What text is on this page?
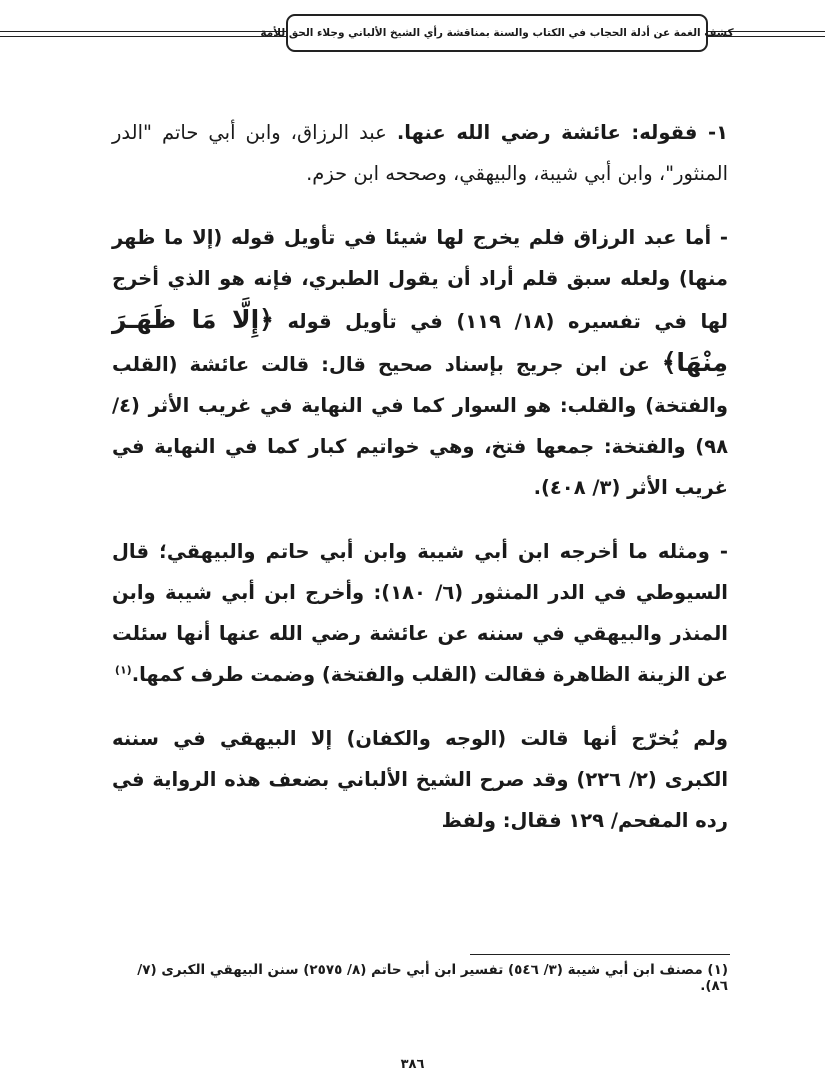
كشف الغمة عن أدلة الحجاب في الكتاب والسنة بمناقشة رأي الشيخ الألباني وجلاء الحق للأمة

١- فقوله: عائشة رضي الله عنها. عبد الرزاق، وابن أبي حاتم "الدر المنثور"، وابن أبي شيبة، والبيهقي، وصححه ابن حزم.

- أما عبد الرزاق فلم يخرج لها شيئا في تأويل قوله (إلا ما ظهر منها) ولعله سبق قلم أراد أن يقول الطبري، فإنه هو الذي أخرج لها في تفسيره (١٨/ ١١٩) في تأويل قوله ﴿إِلَّا مَا ظَهَـرَ مِنْهَا﴾ عن ابن جريج بإسناد صحيح قال: قالت عائشة (القلب والفتخة) والقلب: هو السوار كما في النهاية في غريب الأثر (٤/ ٩٨) والفتخة: جمعها فتخ، وهي خواتيم كبار كما في النهاية في غريب الأثر (٣/ ٤٠٨).

- ومثله ما أخرجه ابن أبي شيبة وابن أبي حاتم والبيهقي؛ قال السيوطي في الدر المنثور (٦/ ١٨٠): وأخرج ابن أبي شيبة وابن المنذر والبيهقي في سننه عن عائشة رضي الله عنها أنها سئلت عن الزينة الظاهرة فقالت (القلب والفتخة) وضمت طرف كمها.$^{(١)}$

ولم يُخرّج أنها قالت (الوجه والكفان) إلا البيهقي في سننه الكبرى (٢/ ٢٢٦) وقد صرح الشيخ الألباني بضعف هذه الرواية في رده المفحم/ ١٢٩ فقال: ولفظ

(١) مصنف ابن أبي شيبة (٣/ ٥٤٦) تفسير ابن أبي حاتم (٨/ ٢٥٧٥) سنن البيهقي الكبرى (٧/ ٨٦).
٣٨٦
